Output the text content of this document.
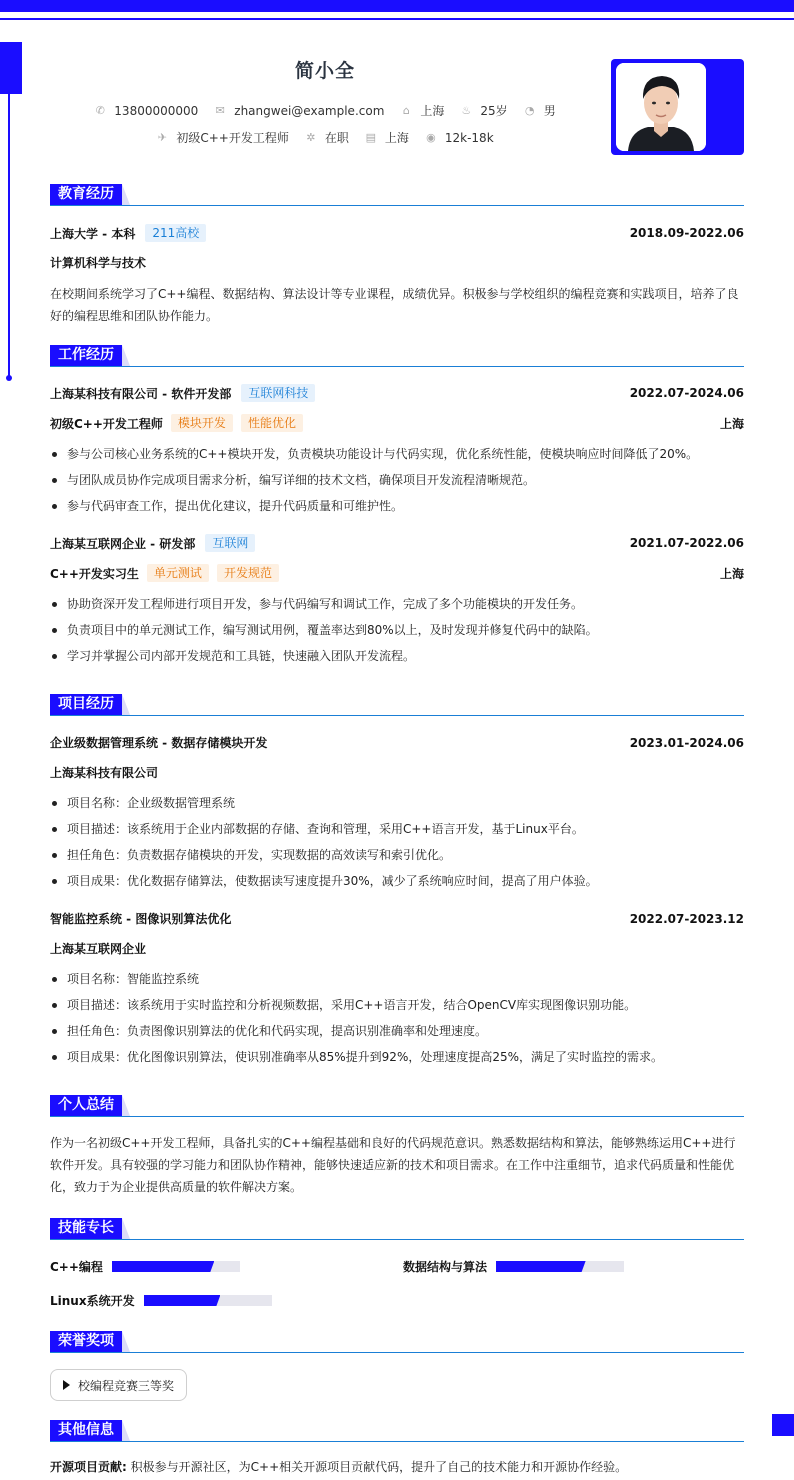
简小全
✆ 13800000000 ✉ zhangwei@example.com ⌂ 上海 ♨ 25岁 ◔ 男
✈ 初级C++开发工程师 ✲ 在职 ▤ 上海 ◉ 12k-18k
教育经历
上海大学 - 本科	211高校	2018.09-2022.06
计算机科学与技术
在校期间系统学习了C++编程、数据结构、算法设计等专业课程，成绩优异。积极参与学校组织的编程竞赛和实践项目，培养了良好的编程思维和团队协作能力。
工作经历
上海某科技有限公司 - 软件开发部	互联网科技	2022.07-2024.06
初级C++开发工程师	模块开发	性能优化	上海
参与公司核心业务系统的C++模块开发，负责模块功能设计与代码实现，优化系统性能，使模块响应时间降低了20%。
与团队成员协作完成项目需求分析，编写详细的技术文档，确保项目开发流程清晰规范。
参与代码审查工作，提出优化建议，提升代码质量和可维护性。
上海某互联网企业 - 研发部	互联网	2021.07-2022.06
C++开发实习生	单元测试	开发规范	上海
协助资深开发工程师进行项目开发，参与代码编写和调试工作，完成了多个功能模块的开发任务。
负责项目中的单元测试工作，编写测试用例，覆盖率达到80%以上，及时发现并修复代码中的缺陷。
学习并掌握公司内部开发规范和工具链，快速融入团队开发流程。
项目经历
企业级数据管理系统 - 数据存储模块开发	2023.01-2024.06
上海某科技有限公司
项目名称：企业级数据管理系统
项目描述：该系统用于企业内部数据的存储、查询和管理，采用C++语言开发，基于Linux平台。
担任角色：负责数据存储模块的开发，实现数据的高效读写和索引优化。
项目成果：优化数据存储算法，使数据读写速度提升30%，减少了系统响应时间，提高了用户体验。
智能监控系统 - 图像识别算法优化	2022.07-2023.12
上海某互联网企业
项目名称：智能监控系统
项目描述：该系统用于实时监控和分析视频数据，采用C++语言开发，结合OpenCV库实现图像识别功能。
担任角色：负责图像识别算法的优化和代码实现，提高识别准确率和处理速度。
项目成果：优化图像识别算法，使识别准确率从85%提升到92%，处理速度提高25%，满足了实时监控的需求。
个人总结
作为一名初级C++开发工程师，具备扎实的C++编程基础和良好的代码规范意识。熟悉数据结构和算法，能够熟练运用C++进行软件开发。具有较强的学习能力和团队协作精神，能够快速适应新的技术和项目需求。在工作中注重细节，追求代码质量和性能优化，致力于为企业提供高质量的软件解决方案。
技能专长
C++编程	数据结构与算法
Linux系统开发
荣誉奖项
校编程竞赛三等奖
其他信息
开源项目贡献: 积极参与开源社区，为C++相关开源项目贡献代码，提升了自己的技术能力和开源协作经验。
